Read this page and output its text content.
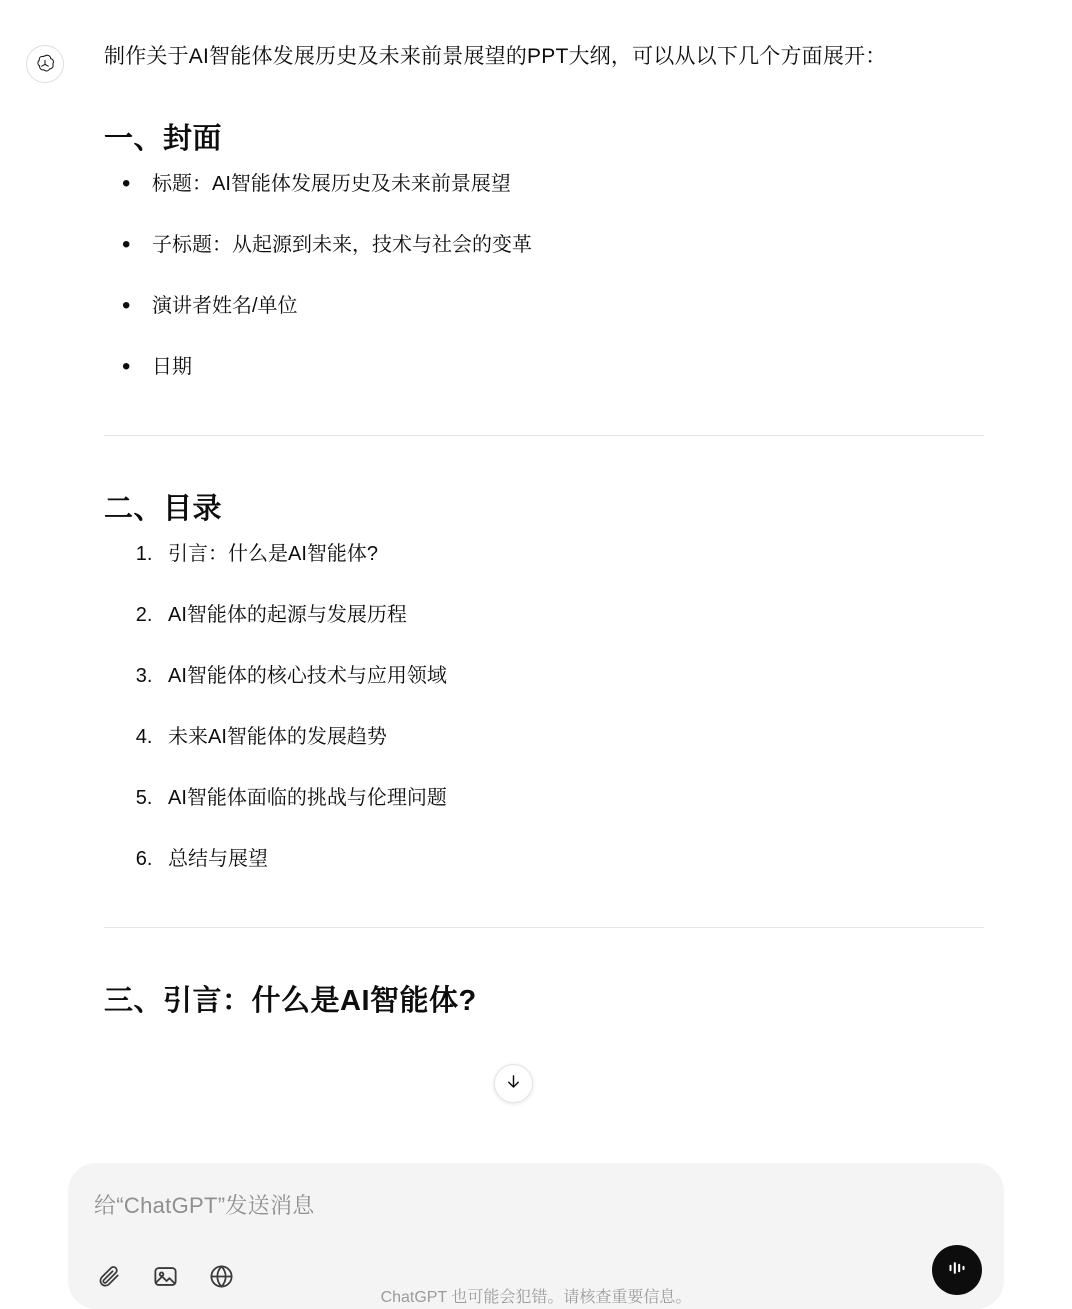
制作关于AI智能体发展历史及未来前景展望的PPT大纲，可以从以下几个方面展开：

一、封面
• 标题：AI智能体发展历史及未来前景展望
• 子标题：从起源到未来，技术与社会的变革
• 演讲者姓名/单位
• 日期
二、目录
1. 引言：什么是AI智能体?
2. AI智能体的起源与发展历程
3. AI智能体的核心技术与应用领域
4. 未来AI智能体的发展趋势
5. AI智能体面临的挑战与伦理问题
6. 总结与展望
三、引言：什么是AI智能体?
给“ChatGPT”发送消息
ChatGPT 也可能会犯错。请核查重要信息。
